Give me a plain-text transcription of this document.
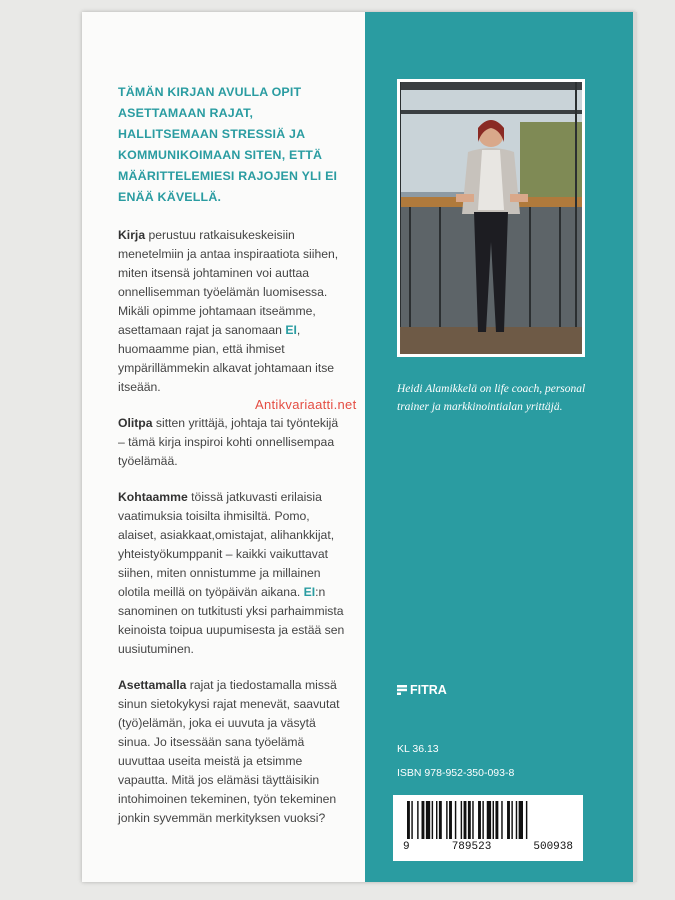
TÄMÄN KIRJAN AVULLA OPIT ASETTAMAAN RAJAT, HALLITSEMAAN STRESSIÄ JA KOMMUNIKOIMAAN SITEN, ETTÄ MÄÄRITTELEMIESI RAJOJEN YLI EI ENÄÄ KÄVELLÄ.

Kirja perustuu ratkaisukeskeisiin menetelmiin ja antaa inspiraatiota siihen, miten itsensä johtaminen voi auttaa onnellisemman työelämän luomisessa. Mikäli opimme johtamaan itseämme, asettamaan rajat ja sanomaan EI, huomaamme pian, että ihmiset ympärillämmekin alkavat johtamaan itse itseään.

Olitpa sitten yrittäjä, johtaja tai työntekijä – tämä kirja inspiroi kohti onnellisempaa työelämää.

Kohtaamme töissä jatkuvasti erilaisia vaatimuksia toisilta ihmisiltä. Pomo, alaiset, asiakkaat,omistajat, alihankkijat, yhteistyökumppanit – kaikki vaikuttavat siihen, miten onnistumme ja millainen olotila meillä on työpäivän aikana. EI:n sanominen on tutkitusti yksi parhaimmista keinoista toipua uupumisesta ja estää sen uusiutuminen.

Asettamalla rajat ja tiedostamalla missä sinun sietokykysi rajat menevät, saavutat (työ)elämän, joka ei uuvuta ja väsytä sinua. Jo itsessään sana työelämä uuvuttaa useita meistä ja etsimme vapautta. Mitä jos elämäsi täyttäisikin intohimoinen tekeminen, työn tekeminen jonkin syvemmän merkityksen vuoksi?

Heidi Alamikkelä on life coach, personal trainer ja markkinointialan yrittäjä.
Antikvariaatti.net
FITRA
KL 36.13
ISBN 978-952-350-093-8
9	789523	500938
